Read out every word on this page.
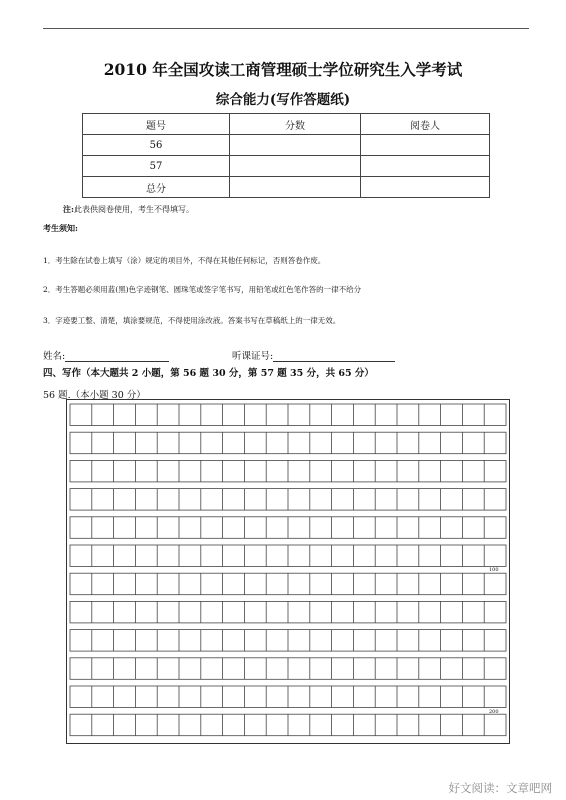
2010 年全国攻读工商管理硕士学位研究生入学考试
综合能力(写作答题纸)
题号	分数	阅卷人
56		
57		
总分		
注:此表供阅卷使用，考生不得填写。
考生须知:
1．考生除在试卷上填写（涂）规定的项目外，不得在其他任何标记，否则答卷作废。
2．考生答题必须用蓝(黑)色字迹钢笔、圆珠笔或签字笔书写，用铅笔或红色笔作答的一律不给分
3．字迹要工整、清楚，填涂要规范，不得使用涂改液。答案书写在草稿纸上的一律无效。
姓名:	听课证号:
四、写作（本大题共 2 小题，第 56 题 30 分，第 57 题 35 分，共 65 分）
56 题.（本小题 30 分）
100
200
好文阅读：文章吧网
